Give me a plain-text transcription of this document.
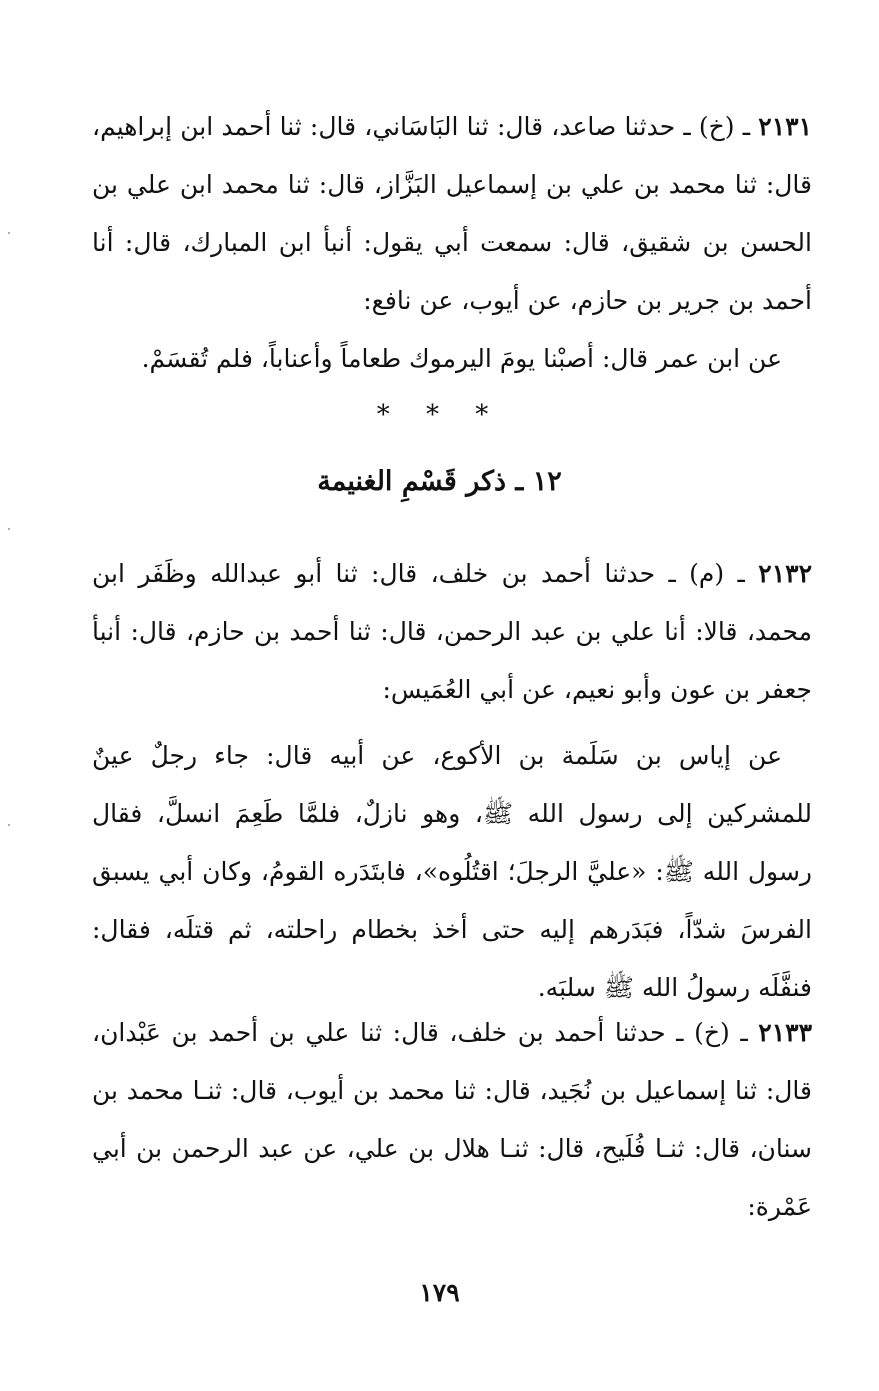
٢١٣١ ـ (خ) ـ حدثنا صاعد، قال: ثنا البَاسَاني، قال: ثنا أحمد ابن إبراهيم، قال: ثنا محمد بن علي بن إسماعيل البَزَّاز، قال: ثنا محمد ابن علي بن الحسن بن شقيق، قال: سمعت أبي يقول: أنبأ ابن المبارك، قال: أنا أحمد بن جرير بن حازم، عن أيوب، عن نافع:

عن ابن عمر قال: أصبْنا يومَ اليرموك طعاماً وأعناباً، فلم تُقسَمْ.

* * *
١٢ ـ ذكر قَسْمِ الغنيمة

٢١٣٢ ـ (م) ـ حدثنا أحمد بن خلف، قال: ثنا أبو عبدالله وظَفَر ابن محمد، قالا: أنا علي بن عبد الرحمن، قال: ثنا أحمد بن حازم، قال: أنبأ جعفر بن عون وأبو نعيم، عن أبي العُمَيس:

عن إياس بن سَلَمة بن الأكوع، عن أبيه قال: جاء رجلٌ عينٌ للمشركين إلى رسول الله ﷺ، وهو نازلٌ، فلمَّا طَعِمَ انسلَّ، فقال رسول الله ﷺ: «عليَّ الرجلَ؛ اقتُلُوه»، فابتَدَره القومُ، وكان أبي يسبق الفرسَ شدّاً، فبَدَرهم إليه حتى أخذ بخطام راحلته، ثم قتلَه، فقال: فنفَّلَه رسولُ الله ﷺ سلبَه.

٢١٣٣ ـ (خ) ـ حدثنا أحمد بن خلف، قال: ثنا علي بن أحمد بن عَبْدان، قال: ثنا إسماعيل بن نُجَيد، قال: ثنا محمد بن أيوب، قال: ثنـا محمد بن سنان، قال: ثنـا فُلَيح، قال: ثنـا هلال بن علي، عن عبد الرحمن بن أبي عَمْرة:

١٧٩
